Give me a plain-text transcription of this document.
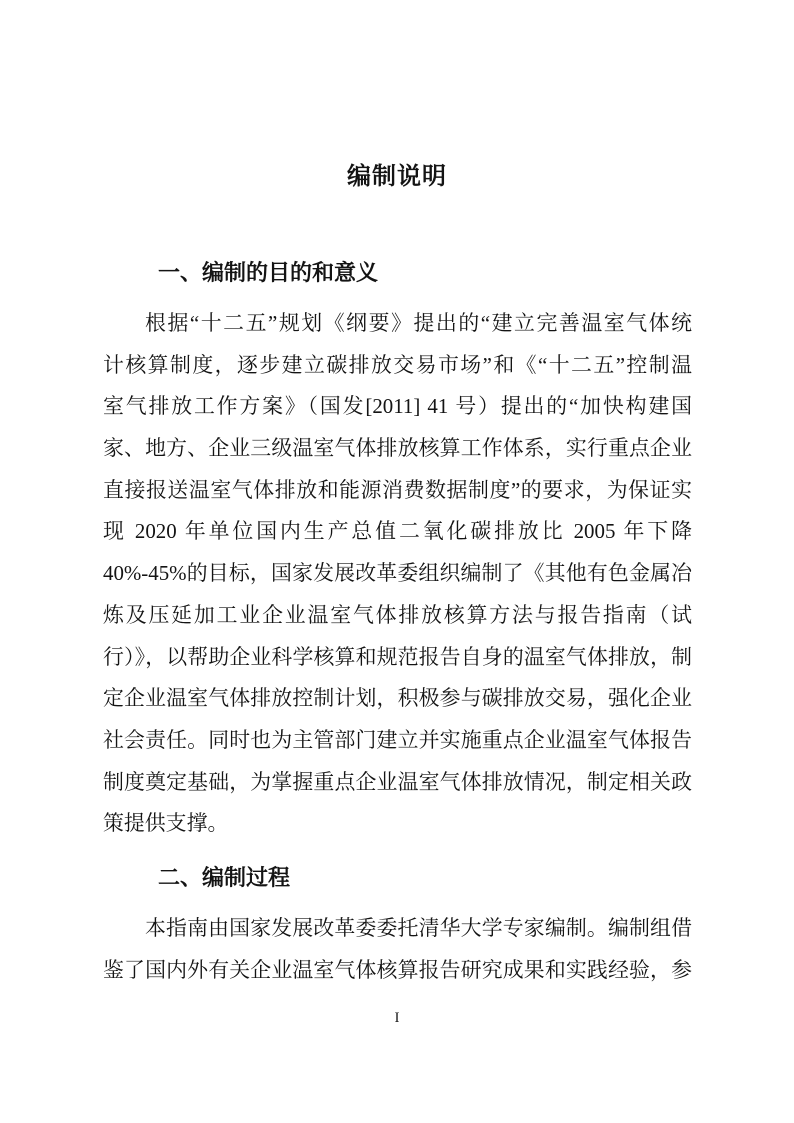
编制说明
一、编制的目的和意义
根据“十二五”规划《纲要》提出的“建立完善温室气体统
计核算制度，逐步建立碳排放交易市场”和《“十二五”控制温
室气排放工作方案》（国发[2011] 41 号）提出的“加快构建国
家、地方、企业三级温室气体排放核算工作体系，实行重点企业
直接报送温室气体排放和能源消费数据制度”的要求，为保证实
现 2020 年单位国内生产总值二氧化碳排放比 2005 年下降
40%-45%的目标，国家发展改革委组织编制了《其他有色金属冶
炼及压延加工业企业温室气体排放核算方法与报告指南（试
行）》，以帮助企业科学核算和规范报告自身的温室气体排放，制
定企业温室气体排放控制计划，积极参与碳排放交易，强化企业
社会责任。同时也为主管部门建立并实施重点企业温室气体报告
制度奠定基础，为掌握重点企业温室气体排放情况，制定相关政
策提供支撑。
二、编制过程
本指南由国家发展改革委委托清华大学专家编制。编制组借
鉴了国内外有关企业温室气体核算报告研究成果和实践经验，参
I
